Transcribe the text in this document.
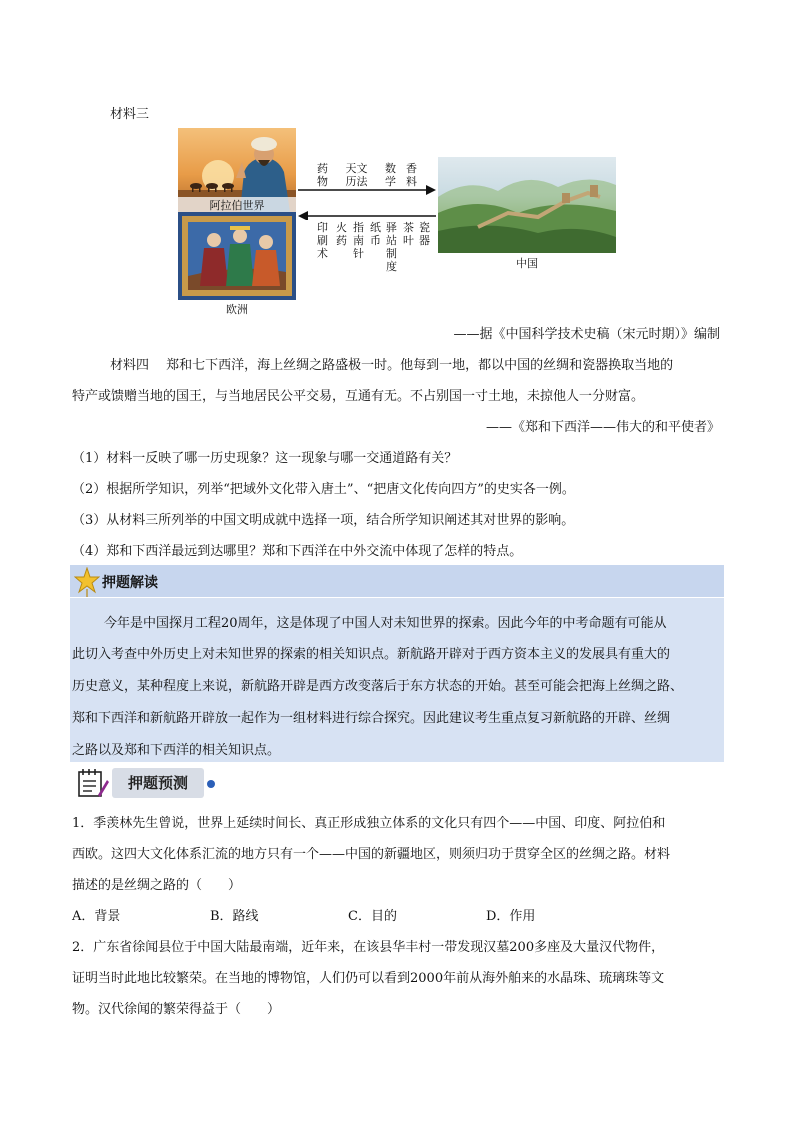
材料三
阿拉伯世界
欧洲
药物
天文历法
数学
香料
印刷术
火药
指南针
纸币
驿站制度
茶叶
瓷器
中国
——据《中国科学技术史稿（宋元时期）》编制
材料四　 郑和七下西洋，海上丝绸之路盛极一时。他每到一地，都以中国的丝绸和瓷器换取当地的
特产或馈赠当地的国王，与当地居民公平交易，互通有无。不占别国一寸土地，未掠他人一分财富。
——《郑和下西洋——伟大的和平使者》
（1）材料一反映了哪一历史现象？这一现象与哪一交通道路有关？
（2）根据所学知识，列举“把域外文化带入唐土”、“把唐文化传向四方”的史实各一例。
（3）从材料三所列举的中国文明成就中选择一项，结合所学知识阐述其对世界的影响。
（4）郑和下西洋最远到达哪里？郑和下西洋在中外交流中体现了怎样的特点。
押题解读
今年是中国探月工程20周年，这是体现了中国人对未知世界的探索。因此今年的中考命题有可能从
此切入考查中外历史上对未知世界的探索的相关知识点。新航路开辟对于西方资本主义的发展具有重大的
历史意义，某种程度上来说，新航路开辟是西方改变落后于东方状态的开始。甚至可能会把海上丝绸之路、
郑和下西洋和新航路开辟放一起作为一组材料进行综合探究。因此建议考生重点复习新航路的开辟、丝绸
之路以及郑和下西洋的相关知识点。
押题预测
1．季羡林先生曾说，世界上延续时间长、真正形成独立体系的文化只有四个——中国、印度、阿拉伯和
西欧。这四大文化体系汇流的地方只有一个——中国的新疆地区，则须归功于贯穿全区的丝绸之路。材料
描述的是丝绸之路的（　　）
A．背景	B．路线	C．目的	D．作用
2．广东省徐闻县位于中国大陆最南端，近年来，在该县华丰村一带发现汉墓200多座及大量汉代物件，
证明当时此地比较繁荣。在当地的博物馆，人们仍可以看到2000年前从海外舶来的水晶珠、琉璃珠等文
物。汉代徐闻的繁荣得益于（　　）
